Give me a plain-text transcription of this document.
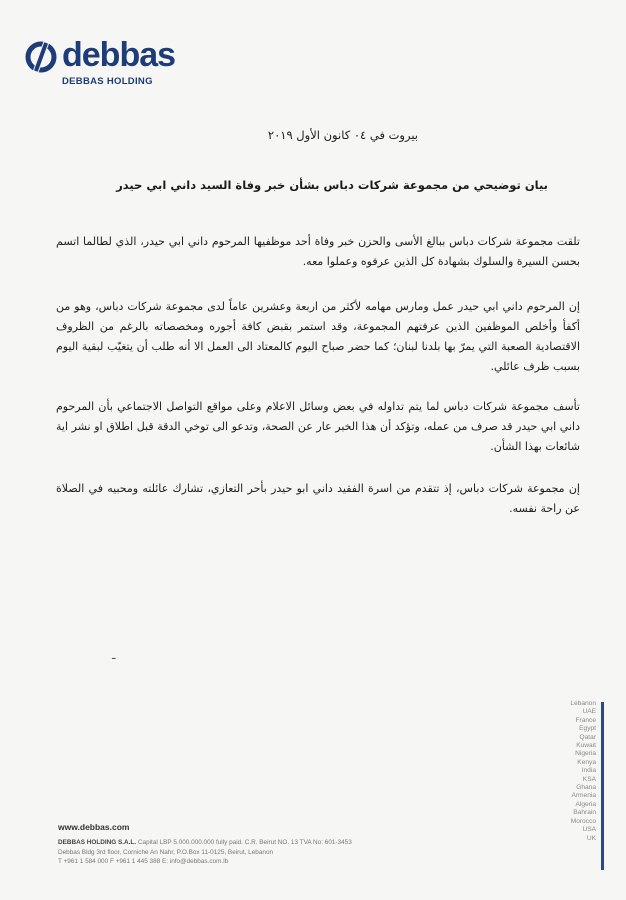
debbas
DEBBAS HOLDING
بيروت في ٠٤ كانون الأول ٢٠١٩
بيان توضيحي من مجموعة شركات دباس بشأن خبر وفاة السيد داني ابي حيدر
تلقت مجموعة شركات دباس ببالغ الأسى والحزن خبر وفاة أحد موظفيها المرحوم داني ابي حيدر، الذي لطالما اتسم بحسن السيرة والسلوك بشهادة كل الذين عرفوه وعملوا معه.
إن المرحوم داني ابي حيدر عمل ومارس مهامه لأكثر من اربعة وعشرين عاماً لدى مجموعة شركات دباس، وهو من أكفأ وأخلص الموظفين الذين عرفتهم المجموعة، وقد استمر بقبض كافة أجوره ومخصصاته بالرغم من الظروف الاقتصادية الصعبة التي يمرّ بها بلدنا لبنان؛ كما حضر صباح اليوم كالمعتاد الى العمل الا أنه طلب أن يتغيّب لبقية اليوم بسبب ظرف عائلي.
تأسف مجموعة شركات دباس لما يتم تداوله في بعض وسائل الاعلام وعلى مواقع التواصل الاجتماعي بأن المرحوم داني ابي حيدر قد صرف من عمله، وتؤكد أن هذا الخبر عار عن الصحة، وتدعو الى توخي الدقة قبل اطلاق او نشر اية شائعات بهذا الشأن.
إن مجموعة شركات دباس، إذ تتقدم من اسرة الفقيد داني ابو حيدر بأحر التعازي، تشارك عائلته ومحبيه في الصلاة عن راحة نفسه.
ـ
Lebanon
UAE
France
Egypt
Qatar
Kuwait
Nigeria
Kenya
India
KSA
Ghana
Armenia
Algeria
Bahrain
Morocco
USA
UK
www.debbas.com
DEBBAS HOLDING S.A.L. Capital LBP 5.000.000.000 fully paid. C.R. Beirut NO. 13 TVA No: 601-3453
Debbas Bldg 3rd floor, Corniche An Nahr, P.O.Box 11-0125, Beirut, Lebanon
T +961 1 584 000 F +961 1 445 388 E: info@debbas.com.lb
